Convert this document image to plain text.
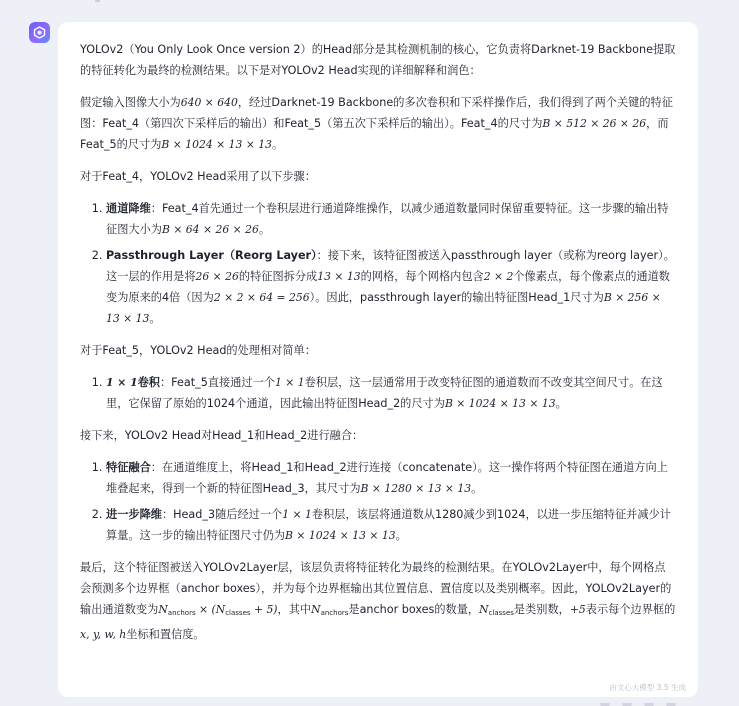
YOLOv2（You Only Look Once version 2）的Head部分是其检测机制的核心，它负责将Darknet-19 Backbone提取的特征转化为最终的检测结果。以下是对YOLOv2 Head实现的详细解释和润色：

假定输入图像大小为640 × 640，经过Darknet-19 Backbone的多次卷积和下采样操作后，我们得到了两个关键的特征图：Feat_4（第四次下采样后的输出）和Feat_5（第五次下采样后的输出）。Feat_4的尺寸为B × 512 × 26 × 26，而Feat_5的尺寸为B × 1024 × 13 × 13。

对于Feat_4，YOLOv2 Head采用了以下步骤：

1. 通道降维：Feat_4首先通过一个卷积层进行通道降维操作，以减少通道数量同时保留重要特征。这一步骤的输出特征图大小为B × 64 × 26 × 26。
2. Passthrough Layer（Reorg Layer）：接下来，该特征图被送入passthrough layer（或称为reorg layer）。这一层的作用是将26 × 26的特征图拆分成13 × 13的网格，每个网格内包含2 × 2个像素点，每个像素点的通道数变为原来的4倍（因为2 × 2 × 64 = 256）。因此，passthrough layer的输出特征图Head_1尺寸为B × 256 × 13 × 13。

对于Feat_5，YOLOv2 Head的处理相对简单：

1. 1 × 1卷积：Feat_5直接通过一个1 × 1卷积层，这一层通常用于改变特征图的通道数而不改变其空间尺寸。在这里，它保留了原始的1024个通道，因此输出特征图Head_2的尺寸为B × 1024 × 13 × 13。

接下来，YOLOv2 Head对Head_1和Head_2进行融合：

1. 特征融合：在通道维度上，将Head_1和Head_2进行连接（concatenate）。这一操作将两个特征图在通道方向上堆叠起来，得到一个新的特征图Head_3，其尺寸为B × 1280 × 13 × 13。
2. 进一步降维：Head_3随后经过一个1 × 1卷积层，该层将通道数从1280减少到1024，以进一步压缩特征并减少计算量。这一步的输出特征图尺寸仍为B × 1024 × 13 × 13。

最后，这个特征图被送入YOLOv2Layer层，该层负责将特征转化为最终的检测结果。在YOLOv2Layer中，每个网格点会预测多个边界框（anchor boxes），并为每个边界框输出其位置信息、置信度以及类别概率。因此，YOLOv2Layer的输出通道数变为$N_{anchors} \times (N_{classes} + 5)$，其中$N_{anchors}$是anchor boxes的数量，$N_{classes}$是类别数，+5表示每个边界框的x, y, w, h坐标和置信度。

由文心大模型 3.5 生成
